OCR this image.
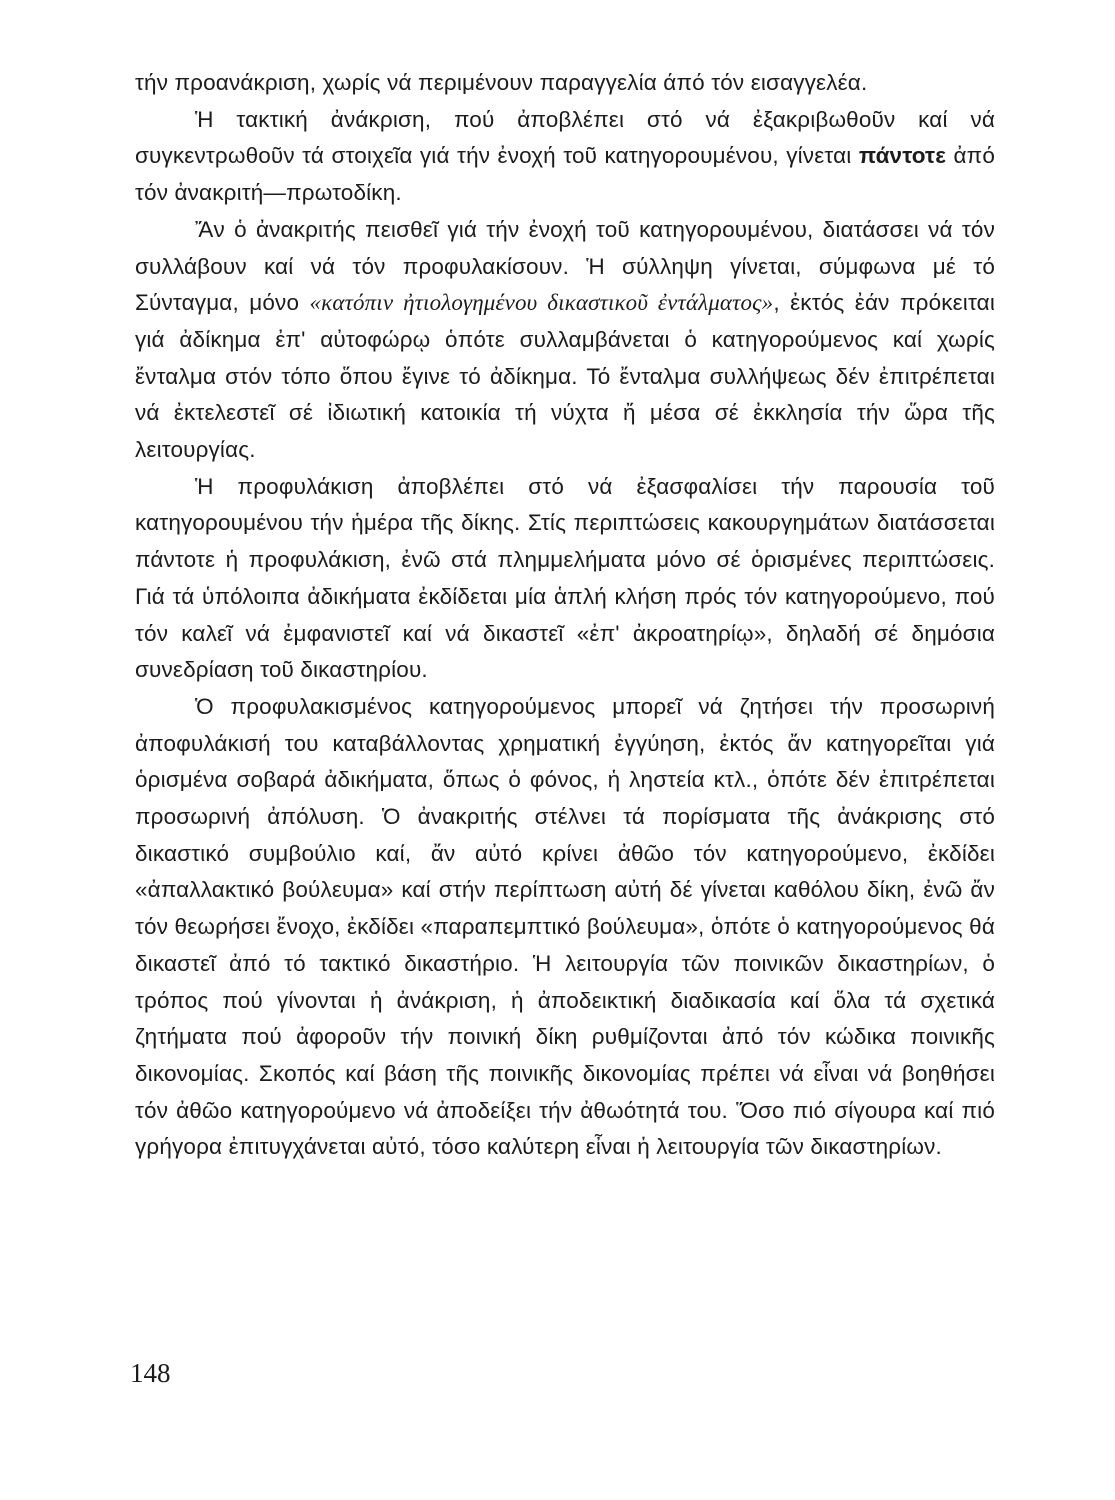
τήν προανάκριση, χωρίς νά περιμένουν παραγγελία άπό τόν εισαγγελέα.

Ἡ τακτική ἀνάκριση, πού ἀποβλέπει στό νά ἐξακριβωθοῦν καί νά συγκεντρωθοῦν τά στοιχεῖα γιά τήν ἐνοχή τοῦ κατηγορουμένου, γίνεται πάντοτε ἀπό τόν ἀνακριτή—πρωτοδίκη.

Ἄν ὁ ἀνακριτής πεισθεῖ γιά τήν ἐνοχή τοῦ κατηγορουμένου, διατάσσει νά τόν συλλάβουν καί νά τόν προφυλακίσουν. Ἡ σύλληψη γίνεται, σύμφωνα μέ τό Σύνταγμα, μόνο «κατόπιν ἠτιολογημένου δικαστικοῦ ἐντάλματος», ἐκτός ἐάν πρόκειται γιά ἀδίκημα ἐπ' αὐτοφώρῳ ὁπότε συλλαμβάνεται ὁ κατηγορούμενος καί χωρίς ἔνταλμα στόν τόπο ὅπου ἔγινε τό ἀδίκημα. Τό ἔνταλμα συλλήψεως δέν ἐπιτρέπεται νά ἐκτελεστεῖ σέ ἰδιωτική κατοικία τή νύχτα ἤ μέσα σέ ἐκκλησία τήν ὥρα τῆς λειτουργίας.

Ἡ προφυλάκιση ἀποβλέπει στό νά ἐξασφαλίσει τήν παρουσία τοῦ κατηγορουμένου τήν ἡμέρα τῆς δίκης. Στίς περιπτώσεις κακουργημάτων διατάσσεται πάντοτε ἡ προφυλάκιση, ἐνῶ στά πλημμελήματα μόνο σέ ὁρισμένες περιπτώσεις. Γιά τά ὑπόλοιπα ἀδικήματα ἐκδίδεται μία ἁπλή κλήση πρός τόν κατηγορούμενο, πού τόν καλεῖ νά ἐμφανιστεῖ καί νά δικαστεῖ «ἐπ' ἀκροατηρίῳ», δηλαδή σέ δημόσια συνεδρίαση τοῦ δικαστηρίου.

Ὁ προφυλακισμένος κατηγορούμενος μπορεῖ νά ζητήσει τήν προσωρινή ἀποφυλάκισή του καταβάλλοντας χρηματική ἐγγύηση, ἐκτός ἄν κατηγορεῖται γιά ὁρισμένα σοβαρά ἀδικήματα, ὅπως ὁ φόνος, ἡ ληστεία κτλ., ὁπότε δέν ἐπιτρέπεται προσωρινή ἀπόλυση. Ὁ ἀνακριτής στέλνει τά πορίσματα τῆς ἀνάκρισης στό δικαστικό συμβούλιο καί, ἄν αὐτό κρίνει ἀθῶο τόν κατηγορούμενο, ἐκδίδει «ἀπαλλακτικό βούλευμα» καί στήν περίπτωση αὐτή δέ γίνεται καθόλου δίκη, ἐνῶ ἄν τόν θεωρήσει ἔνοχο, ἐκδίδει «παραπεμπτικό βούλευμα», ὁπότε ὁ κατηγορούμενος θά δικαστεῖ ἀπό τό τακτικό δικαστήριο. Ἡ λειτουργία τῶν ποινικῶν δικαστηρίων, ὁ τρόπος πού γίνονται ἡ ἀνάκριση, ἡ ἀποδεικτική διαδικασία καί ὅλα τά σχετικά ζητήματα πού ἀφοροῦν τήν ποινική δίκη ρυθμίζονται ἀπό τόν κώδικα ποινικῆς δικονομίας. Σκοπός καί βάση τῆς ποινικῆς δικονομίας πρέπει νά εἶναι νά βοηθήσει τόν ἀθῶο κατηγορούμενο νά ἀποδείξει τήν ἀθωότητά του. Ὅσο πιό σίγουρα καί πιό γρήγορα ἐπιτυγχάνεται αὐτό, τόσο καλύτερη εἶναι ἡ λειτουργία τῶν δικαστηρίων.

148
